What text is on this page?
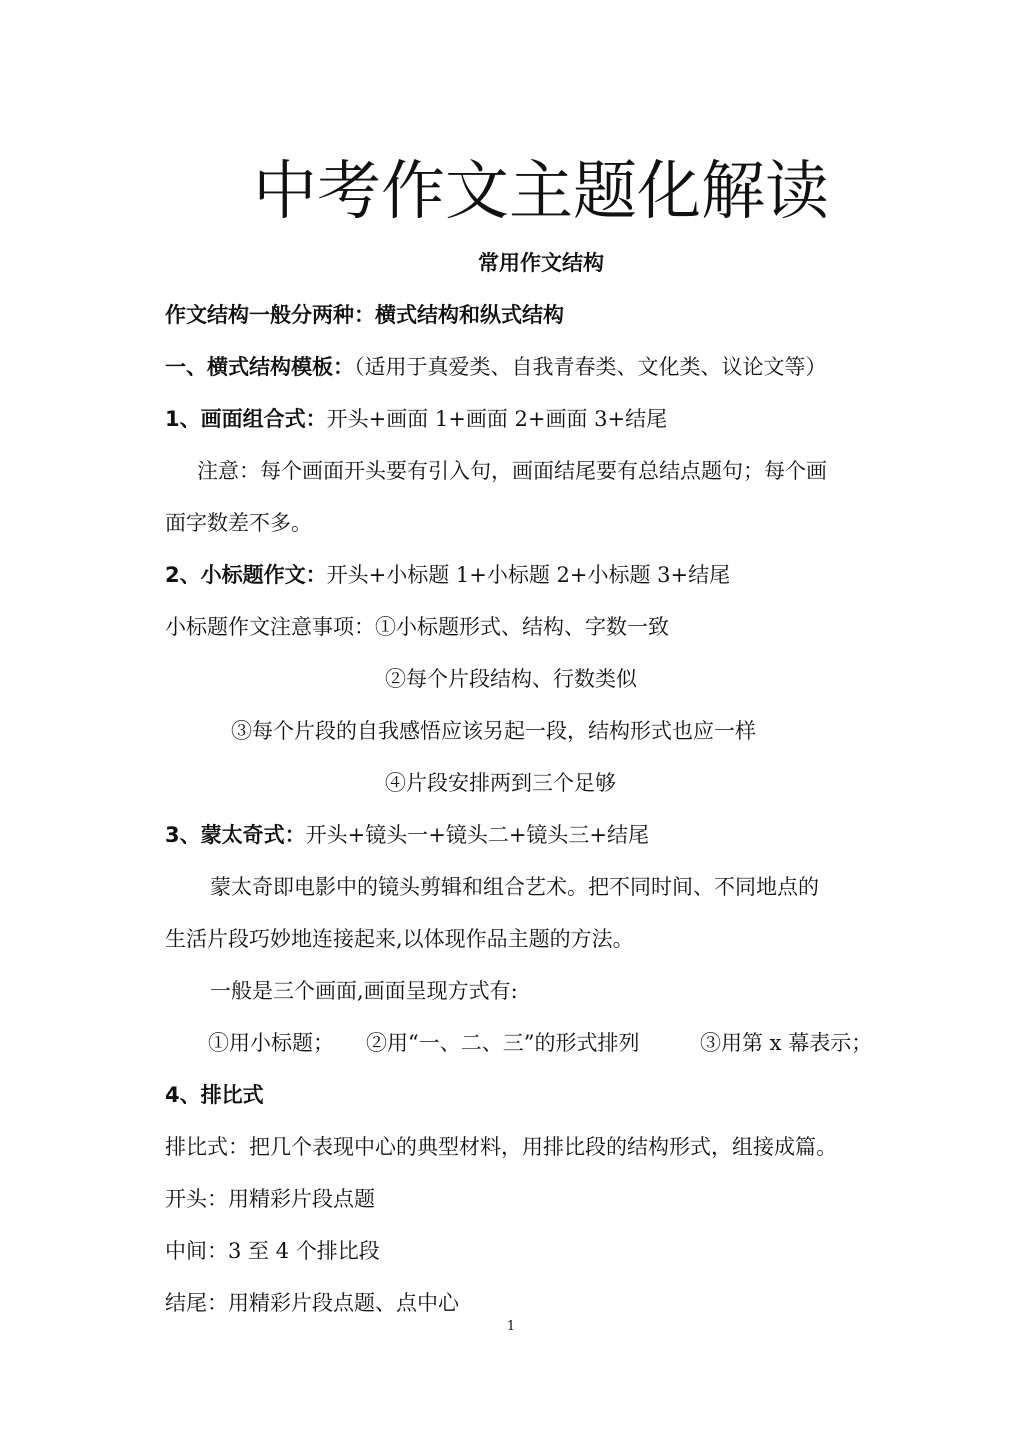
中考作文主题化解读
常用作文结构
作文结构一般分两种：横式结构和纵式结构
一、横式结构模板：（适用于真爱类、自我青春类、文化类、议论文等）
1、画面组合式：开头+画面 1+画面 2+画面 3+结尾
注意：每个画面开头要有引入句，画面结尾要有总结点题句；每个画
面字数差不多。
2、小标题作文：开头+小标题 1+小标题 2+小标题 3+结尾
小标题作文注意事项：①小标题形式、结构、字数一致
②每个片段结构、行数类似
③每个片段的自我感悟应该另起一段，结构形式也应一样
④片段安排两到三个足够
3、蒙太奇式：开头+镜头一+镜头二+镜头三+结尾
蒙太奇即电影中的镜头剪辑和组合艺术。把不同时间、不同地点的
生活片段巧妙地连接起来,以体现作品主题的方法。
一般是三个画面,画面呈现方式有:
①用小标题； ②用“一、二、三”的形式排列	③用第 x 幕表示；
4、排比式
排比式：把几个表现中心的典型材料，用排比段的结构形式，组接成篇。
开头：用精彩片段点题
中间：3 至 4 个排比段
结尾：用精彩片段点题、点中心
1
